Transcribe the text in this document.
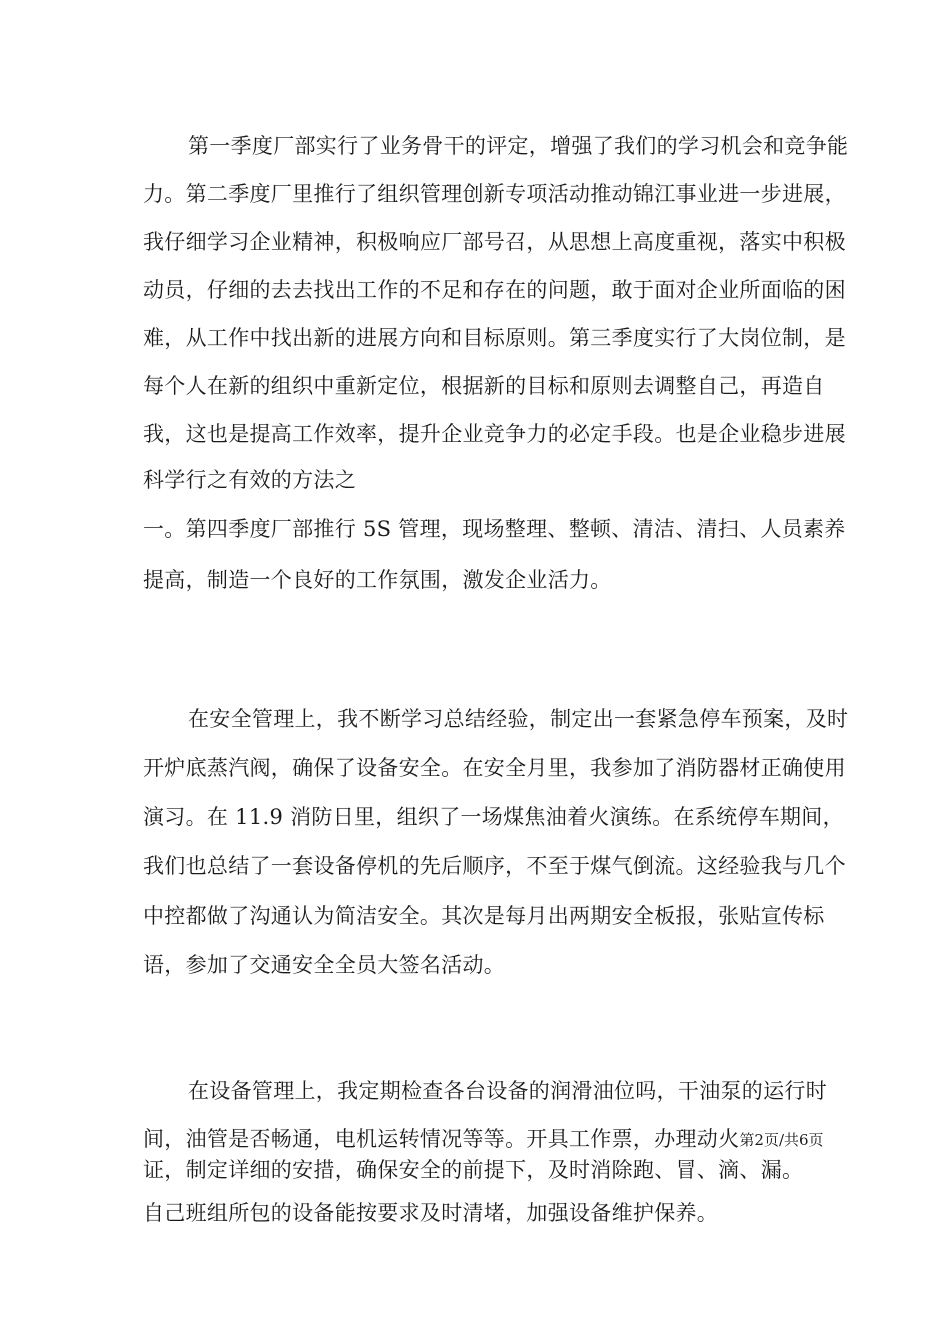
第一季度厂部实行了业务骨干的评定，增强了我们的学习机会和竞争能
力。第二季度厂里推行了组织管理创新专项活动推动锦江事业进一步进展，
我仔细学习企业精神，积极响应厂部号召，从思想上高度重视，落实中积极
动员，仔细的去去找出工作的不足和存在的问题，敢于面对企业所面临的困
难，从工作中找出新的进展方向和目标原则。第三季度实行了大岗位制，是
每个人在新的组织中重新定位，根据新的目标和原则去调整自己，再造自
我，这也是提高工作效率，提升企业竞争力的必定手段。也是企业稳步进展
科学行之有效的方法之
一。第四季度厂部推行 5S 管理，现场整理、整顿、清洁、清扫、人员素养
提高，制造一个良好的工作氛围，激发企业活力。
在安全管理上，我不断学习总结经验，制定出一套紧急停车预案，及时
开炉底蒸汽阀，确保了设备安全。在安全月里，我参加了消防器材正确使用
演习。在 11.9 消防日里，组织了一场煤焦油着火演练。在系统停车期间，
我们也总结了一套设备停机的先后顺序，不至于煤气倒流。这经验我与几个
中控都做了沟通认为简洁安全。其次是每月出两期安全板报，张贴宣传标
语，参加了交通安全全员大签名活动。
在设备管理上，我定期检查各台设备的润滑油位吗，干油泵的运行时
间，油管是否畅通，电机运转情况等等。开具工作票，办理动火第2页/共6页
证，制定详细的安措，确保安全的前提下，及时消除跑、冒、滴、漏。
自己班组所包的设备能按要求及时清堵，加强设备维护保养。
